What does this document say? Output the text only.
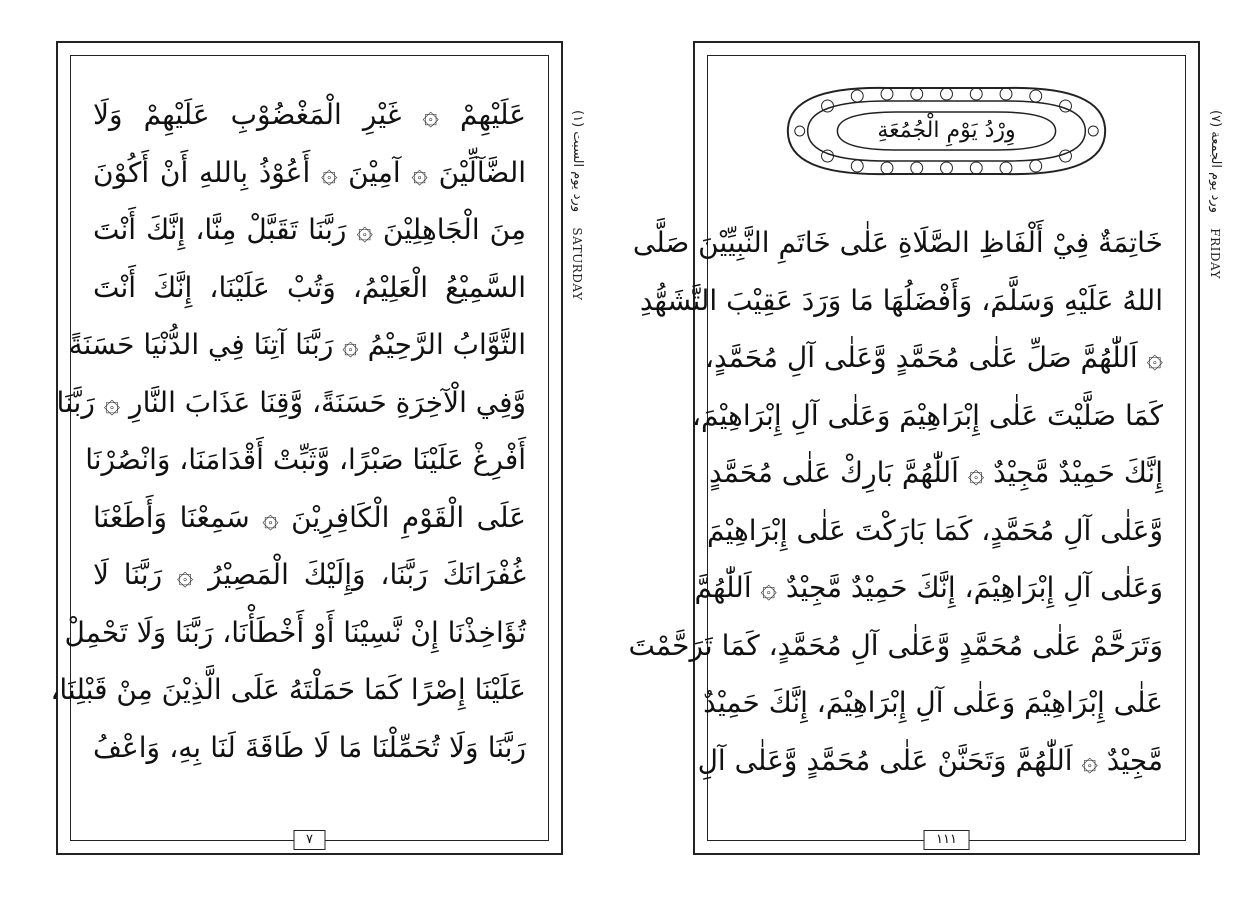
عَلَيْهِمْ ۞ غَيْرِ الْمَغْضُوْبِ عَلَيْهِمْ وَلَا
الضَّآلِّيْنَ ۞ آمِيْنَ ۞ أَعُوْذُ بِاللهِ أَنْ أَكُوْنَ
مِنَ الْجَاهِلِيْنَ ۞ رَبَّنَا تَقَبَّلْ مِنَّا، إِنَّكَ أَنْتَ
السَّمِيْعُ الْعَلِيْمُ، وَتُبْ عَلَيْنَا، إِنَّكَ أَنْتَ
التَّوَّابُ الرَّحِيْمُ ۞ رَبَّنَا آتِنَا فِي الدُّنْيَا حَسَنَةً
وَّفِي الْآخِرَةِ حَسَنَةً، وَّقِنَا عَذَابَ النَّارِ ۞ رَبَّنَا
أَفْرِغْ عَلَيْنَا صَبْرًا، وَّثَبِّتْ أَقْدَامَنَا، وَانْصُرْنَا
عَلَى الْقَوْمِ الْكَافِرِيْنَ ۞ سَمِعْنَا وَأَطَعْنَا
غُفْرَانَكَ رَبَّنَا، وَإِلَيْكَ الْمَصِيْرُ ۞ رَبَّنَا لَا
تُؤَاخِذْنَا إِنْ نَّسِيْنَا أَوْ أَخْطَأْنَا، رَبَّنَا وَلَا تَحْمِلْ
عَلَيْنَا إِصْرًا كَمَا حَمَلْتَهُ عَلَى الَّذِيْنَ مِنْ قَبْلِنَا،
رَبَّنَا وَلَا تُحَمِّلْنَا مَا لَا طَاقَةَ لَنَا بِهِ، وَاعْفُ
٧
ورد يوم السبت (١)    SATURDAY
وِرْدُ يَوْمِ الْجُمُعَةِ
خَاتِمَةٌ فِيْ أَلْفَاظِ الصَّلَاةِ عَلٰى خَاتَمِ النَّبِيِّيْنَ صَلَّى
اللهُ عَلَيْهِ وَسَلَّمَ، وَأَفْضَلُهَا مَا وَرَدَ عَقِيْبَ التَّشَهُّدِ
۞ اَللّٰهُمَّ صَلِّ عَلٰى مُحَمَّدٍ وَّعَلٰى آلِ مُحَمَّدٍ،
كَمَا صَلَّيْتَ عَلٰى إِبْرَاهِيْمَ وَعَلٰى آلِ إِبْرَاهِيْمَ،
إِنَّكَ حَمِيْدٌ مَّجِيْدٌ ۞ اَللّٰهُمَّ بَارِكْ عَلٰى مُحَمَّدٍ
وَّعَلٰى آلِ مُحَمَّدٍ، كَمَا بَارَكْتَ عَلٰى إِبْرَاهِيْمَ
وَعَلٰى آلِ إِبْرَاهِيْمَ، إِنَّكَ حَمِيْدٌ مَّجِيْدٌ ۞ اَللّٰهُمَّ
وَتَرَحَّمْ عَلٰى مُحَمَّدٍ وَّعَلٰى آلِ مُحَمَّدٍ، كَمَا تَرَحَّمْتَ
عَلٰى إِبْرَاهِيْمَ وَعَلٰى آلِ إِبْرَاهِيْمَ، إِنَّكَ حَمِيْدٌ
مَّجِيْدٌ ۞ اَللّٰهُمَّ وَتَحَنَّنْ عَلٰى مُحَمَّدٍ وَّعَلٰى آلِ
١١١
ورد يوم الجمعة (٧)    FRIDAY
